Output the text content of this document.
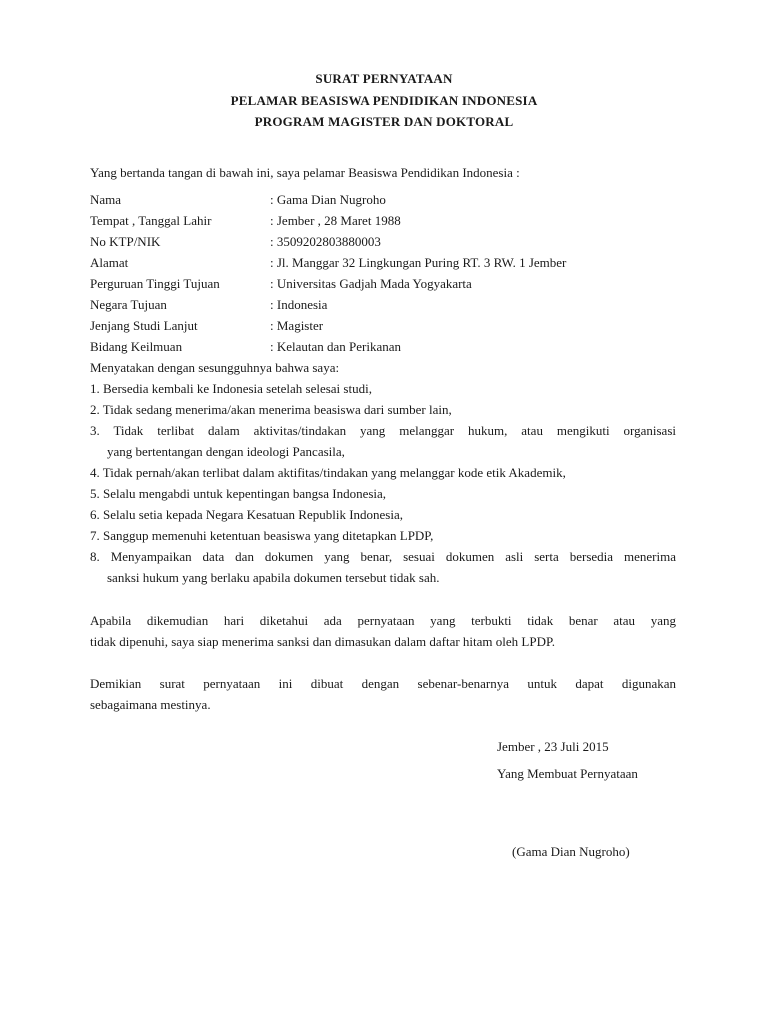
SURAT PERNYATAAN
PELAMAR BEASISWA PENDIDIKAN INDONESIA
PROGRAM MAGISTER DAN DOKTORAL
Yang bertanda tangan di bawah ini, saya pelamar Beasiswa Pendidikan Indonesia :
Nama	: Gama Dian Nugroho
Tempat , Tanggal Lahir	: Jember , 28 Maret 1988
No KTP/NIK	: 3509202803880003
Alamat	: Jl. Manggar 32 Lingkungan Puring RT. 3 RW. 1 Jember
Perguruan Tinggi Tujuan	: Universitas Gadjah Mada Yogyakarta
Negara Tujuan	: Indonesia
Jenjang Studi Lanjut	: Magister
Bidang Keilmuan	: Kelautan dan Perikanan
Menyatakan dengan sesungguhnya bahwa saya:
1. Bersedia kembali ke Indonesia setelah selesai studi,
2. Tidak sedang menerima/akan menerima beasiswa dari sumber lain,
3. Tidak terlibat dalam aktivitas/tindakan yang melanggar hukum, atau mengikuti organisasi
yang bertentangan dengan ideologi Pancasila,
4. Tidak pernah/akan terlibat dalam aktifitas/tindakan yang melanggar kode etik Akademik,
5. Selalu mengabdi untuk kepentingan bangsa Indonesia,
6. Selalu setia kepada Negara Kesatuan Republik Indonesia,
7. Sanggup memenuhi ketentuan beasiswa yang ditetapkan LPDP,
8. Menyampaikan data dan dokumen yang benar, sesuai dokumen asli serta bersedia menerima
sanksi hukum yang berlaku apabila dokumen tersebut tidak sah.
Apabila dikemudian hari diketahui ada pernyataan yang terbukti tidak benar atau yang
tidak dipenuhi, saya siap menerima sanksi dan dimasukan dalam daftar hitam oleh LPDP.
Demikian surat pernyataan ini dibuat dengan sebenar-benarnya untuk dapat digunakan
sebagaimana mestinya.
Jember , 23 Juli 2015
Yang Membuat Pernyataan
(Gama Dian Nugroho)
